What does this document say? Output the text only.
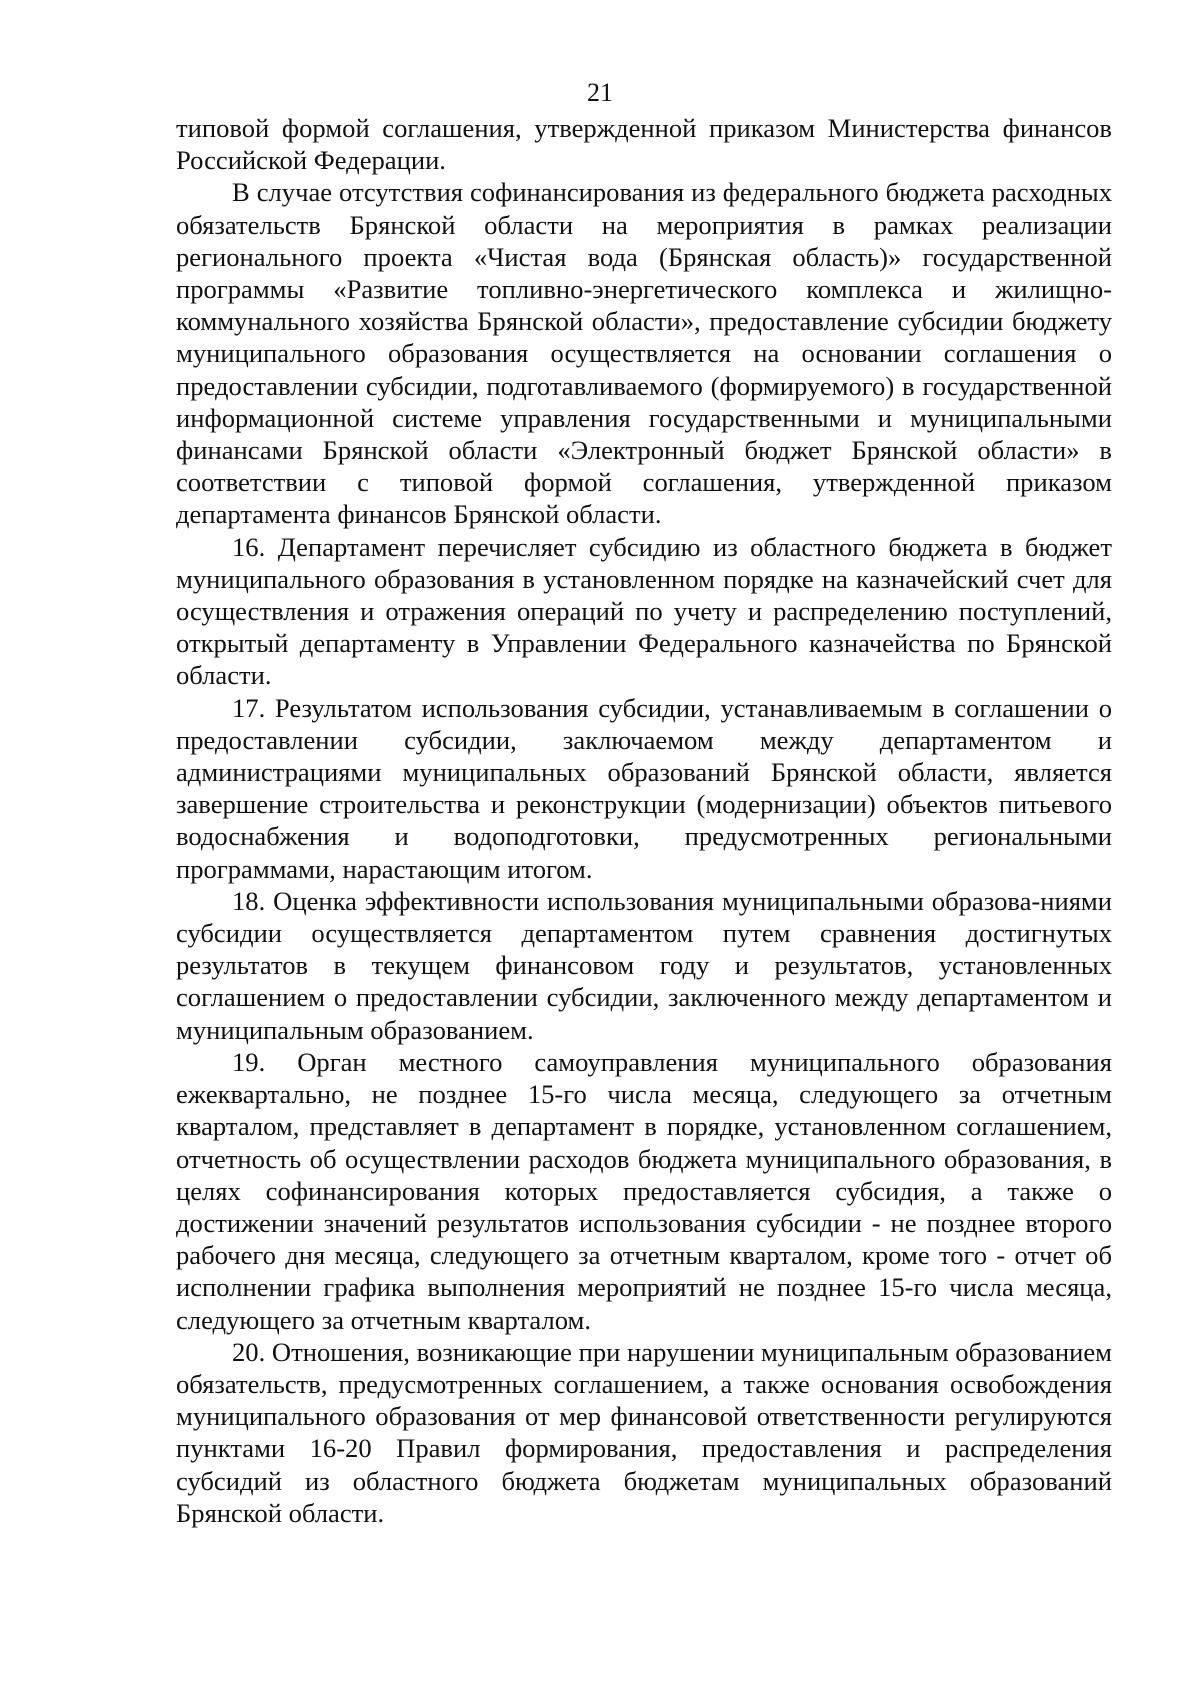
21

типовой формой соглашения, утвержденной приказом Министерства финансов Российской Федерации.

В случае отсутствия софинансирования из федерального бюджета расходных обязательств Брянской области на мероприятия в рамках реализации регионального проекта «Чистая вода (Брянская область)» государственной программы «Развитие топливно-энергетического комплекса и жилищно-коммунального хозяйства Брянской области», предоставление субсидии бюджету муниципального образования осуществляется на основании соглашения о предоставлении субсидии, подготавливаемого (формируемого) в государственной информационной системе управления государственными и муниципальными финансами Брянской области «Электронный бюджет Брянской области» в соответствии с типовой формой соглашения, утвержденной приказом департамента финансов Брянской области.

16. Департамент перечисляет субсидию из областного бюджета в бюджет муниципального образования в установленном порядке на казначейский счет для осуществления и отражения операций по учету и распределению поступлений, открытый департаменту в Управлении Федерального казначейства по Брянской области.

17. Результатом использования субсидии, устанавливаемым в соглашении о предоставлении субсидии, заключаемом между департаментом и администрациями муниципальных образований Брянской области, является завершение строительства и реконструкции (модернизации) объектов питьевого водоснабжения и водоподготовки, предусмотренных региональными программами, нарастающим итогом.

18. Оценка эффективности использования муниципальными образова-ниями субсидии осуществляется департаментом путем сравнения достигнутых результатов в текущем финансовом году и результатов, установленных соглашением о предоставлении субсидии, заключенного между департаментом и муниципальным образованием.

19. Орган местного самоуправления муниципального образования ежеквартально, не позднее 15-го числа месяца, следующего за отчетным кварталом, представляет в департамент в порядке, установленном соглашением, отчетность об осуществлении расходов бюджета муниципального образования, в целях софинансирования которых предоставляется субсидия, а также о достижении значений результатов использования субсидии - не позднее второго рабочего дня месяца, следующего за отчетным кварталом, кроме того - отчет об исполнении графика выполнения мероприятий не позднее 15-го числа месяца, следующего за отчетным кварталом.

20. Отношения, возникающие при нарушении муниципальным образованием обязательств, предусмотренных соглашением, а также основания освобождения муниципального образования от мер финансовой ответственности регулируются пунктами 16-20 Правил формирования, предоставления и распределения субсидий из областного бюджета бюджетам муниципальных образований Брянской области.
